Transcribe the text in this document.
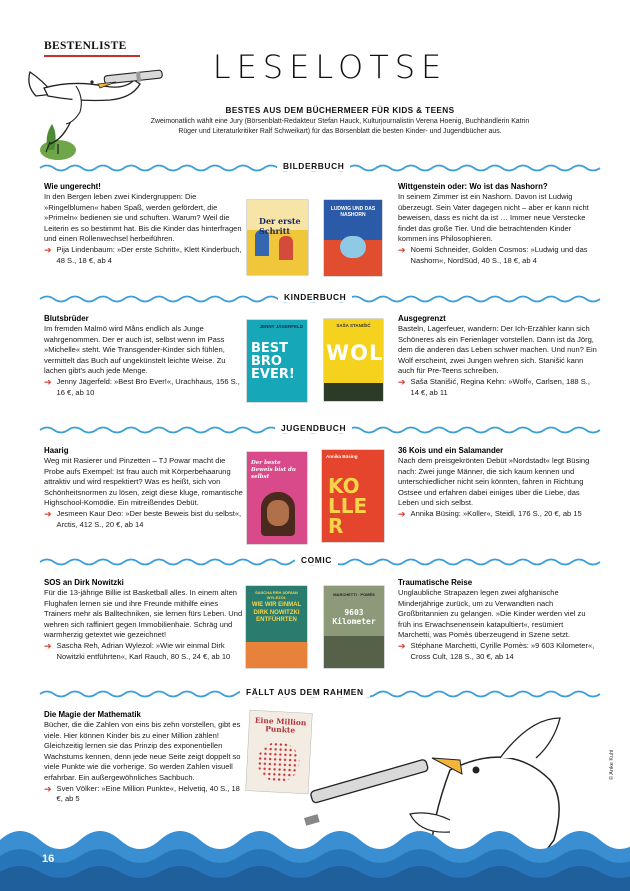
BESTENLISTE
LESELOTSE
BESTES AUS DEM BÜCHERMEER FÜR KIDS & TEENS
Zweimonatlich wählt eine Jury (Börsenblatt-Redakteur Stefan Hauck, Kulturjournalistin Verena Hoenig, Buchhändlerin Katrin Rüger und Literaturkritiker Ralf Schweikart) für das Börsenblatt die besten Kinder- und Jugendbücher aus.
BILDERBUCH
KINDERBUCH
JUGENDBUCH
COMIC
FÄLLT AUS DEM RAHMEN
Wie ungerecht!

In den Bergen leben zwei Kindergruppen: Die »Ringelblumen« haben Spaß, werden gefördert, die »Primeln« bedienen sie und schuften. Warum? Weil die Leiterin es so bestimmt hat. Bis die Kinder das hinterfragen und einen Rollenwechsel herbeiführen.

➔ Pija Lindenbaum: »Der erste Schritt«, Klett Kinderbuch, 48 S., 18 €, ab 4
Wittgenstein oder: Wo ist das Nashorn?

In seinem Zimmer ist ein Nashorn. Davon ist Ludwig überzeugt. Sein Vater dagegen nicht – aber er kann nicht beweisen, dass es nicht da ist … Immer neue Verstecke findet das große Tier. Und die betrachtenden Kinder kommen ins Philosophieren.

➔ Noemi Schneider, Golden Cosmos: »Ludwig und das Nashorn«, NordSüd, 40 S., 18 €, ab 4
Der erste Schritt
LUDWIG UND DAS NASHORN
Blutsbrüder

Im fremden Malmö wird Måns endlich als Junge wahrgenommen. Der er auch ist, selbst wenn im Pass »Michelle« steht. Wie Transgender-Kinder sich fühlen, vermittelt das Buch auf ungekünstelt leichte Weise. Zu lachen gibt's auch jede Menge.

➔ Jenny Jägerfeld: »Best Bro Ever!«, Urachhaus, 156 S., 16 €, ab 10
Ausgegrenzt

Basteln, Lagerfeuer, wandern: Der Ich-Erzähler kann sich Schöneres als ein Ferienlager vorstellen. Dann ist da Jörg, dem die anderen das Leben schwer machen. Und nun? Ein Wolf erscheint, zwei Jungen wehren sich. Stanišić kann auch für Pre-Teens schreiben.

➔ Saša Stanišić, Regina Kehn: »Wolf«, Carlsen, 188 S., 14 €, ab 11
JENNY JÄGERFELD
BEST BRO EVER!
SAŠA STANIŠIĆ
WOLF
Haarig

Weg mit Rasierer und Pinzetten – TJ Powar macht die Probe aufs Exempel: Ist frau auch mit Körperbehaarung attraktiv und wird respektiert? Was es heißt, sich von Schönheitsnormen zu lösen, zeigt diese kluge, romantische Highschool-Komödie. Ein mitreißendes Debüt.

➔ Jesmeen Kaur Deo: »Der beste Beweis bist du selbst«, Arctis, 412 S., 20 €, ab 14
36 Kois und ein Salamander

Nach dem preisgekrönten Debüt »Nordstadt« legt Büsing nach: Zwei junge Männer, die sich kaum kennen und unterschiedlicher nicht sein könnten, fahren in Richtung Ostsee und erfahren dabei einiges über die Liebe, das Leben und sich selbst.

➔ Annika Büsing: »Koller«, Steidl, 176 S., 20 €, ab 15
Der beste Beweis bist du selbst
Annika Büsing
KOLLER
SOS an Dirk Nowitzki

Für die 13-jährige Billie ist Basketball alles. In einem alten Flughafen lernen sie und ihre Freunde mithilfe eines Trainers mehr als Balltechniken, sie lernen fürs Leben. Und wehren sich raffiniert gegen Immobilienhaie. Schräg und warmherzig getextet wie gezeichnet!

➔ Sascha Reh, Adrian Wylezol: »Wie wir einmal Dirk Nowitzki entführten«, Karl Rauch, 80 S., 24 €, ab 10
Traumatische Reise

Unglaubliche Strapazen legen zwei afghanische Minderjährige zurück, um zu Verwandten nach Großbritannien zu gelangen. »Die Kinder werden viel zu früh ins Erwachsenensein katapultiert«, resümiert Marchetti, was Pomès überzeugend in Szene setzt.

➔ Stéphane Marchetti, Cyrille Pomès: »9 603 Kilometer«, Cross Cult, 128 S., 30 €, ab 14
SASCHA REH ADRIAN WYLEZOL
WIE WIR EINMAL DIRK NOWITZKI ENTFÜHRTEN
MARCHETTI · POMÈS
9603 Kilometer
Die Magie der Mathematik

Bücher, die die Zahlen von eins bis zehn vorstellen, gibt es viele. Hier können Kinder bis zu einer Million zählen! Gleichzeitig lernen sie das Prinzip des exponentiellen Wachstums kennen, denn jede neue Seite zeigt doppelt so viele Punkte wie die vorherige. So werden Zahlen visuell erfahrbar. Ein außergewöhnliches Sachbuch.

➔ Sven Völker: »Eine Million Punkte«, Helvetiq, 40 S., 18 €, ab 5
Eine Million Punkte
16
© Anke Kuhl
